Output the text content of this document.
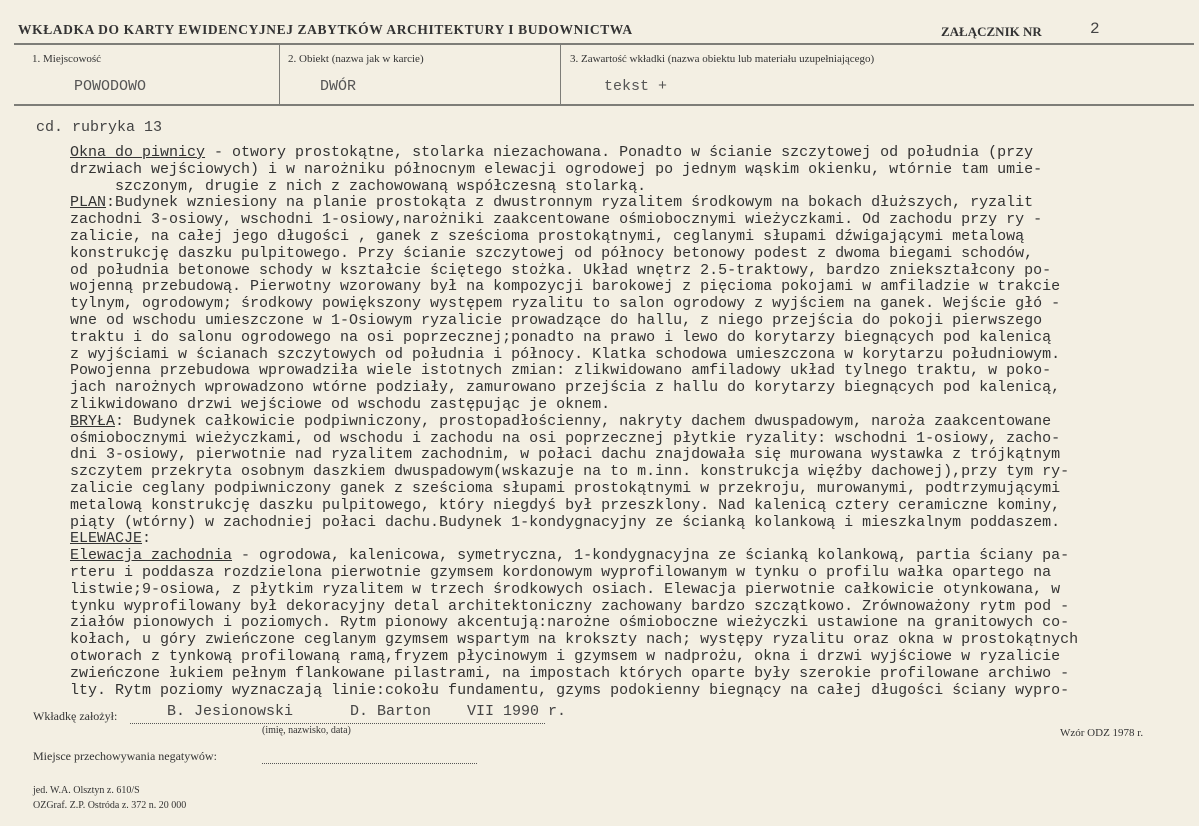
WKŁADKA DO KARTY EWIDENCYJNEJ ZABYTKÓW ARCHITEKTURY I BUDOWNICTWA	ZAŁĄCZNIK NR	2
1. Miejscowość
POWODOWO
2. Obiekt (nazwa jak w karcie)
DWÓR
3. Zawartość wkładki (nazwa obiektu lub materiału uzupełniającego)
tekst +
cd. rubryka 13
Okna do piwnicy - otwory prostokątne, stolarka niezachowana. Ponadto w ścianie szczytowej od południa (przy
drzwiach wejściowych) i w narożniku północnym elewacji ogrodowej po jednym wąskim okienku, wtórnie tam umie-
szczonym, drugie z nich z zachowowaną współczesną stolarką.
PLAN:Budynek wzniesiony na planie prostokąta z dwustronnym ryzalitem środkowym na bokach dłuższych, ryzalit
zachodni 3-osiowy, wschodni 1-osiowy,narożniki zaakcentowane ośmiobocznymi wieżyczkami. Od zachodu przy ry -
zalicie, na całej jego długości , ganek z sześcioma prostokątnymi, ceglanymi słupami dźwigającymi metalową
konstrukcję daszku pulpitowego. Przy ścianie szczytowej od północy betonowy podest z dwoma biegami schodów,
od południa betonowe schody w kształcie ściętego stożka. Układ wnętrz 2.5-traktowy, bardzo zniekształcony po-
wojenną przebudową. Pierwotny wzorowany był na kompozycji barokowej z pięcioma pokojami w amfiladzie w trakcie
tylnym, ogrodowym; środkowy powiększony występem ryzalitu to salon ogrodowy z wyjściem na ganek. Wejście głó -
wne od wschodu umieszczone w 1-Osiowym ryzalicie prowadzące do hallu, z niego przejścia do pokoji pierwszego
traktu i do salonu ogrodowego na osi poprzecznej;ponadto na prawo i lewo do korytarzy biegnących pod kalenicą
z wyjściami w ścianach szczytowych od południa i północy. Klatka schodowa umieszczona w korytarzu południowym.
Powojenna przebudowa wprowadziła wiele istotnych zmian: zlikwidowano amfiladowy układ tylnego traktu, w poko-
jach narożnych wprowadzono wtórne podziały, zamurowano przejścia z hallu do korytarzy biegnących pod kalenicą,
zlikwidowano drzwi wejściowe od wschodu zastępując je oknem.
BRYŁA: Budynek całkowicie podpiwniczony, prostopadłościenny, nakryty dachem dwuspadowym, naroża zaakcentowane
ośmiobocznymi wieżyczkami, od wschodu i zachodu na osi poprzecznej płytkie ryzality: wschodni 1-osiowy, zacho-
dni 3-osiowy, pierwotnie nad ryzalitem zachodnim, w połaci dachu znajdowała się murowana wystawka z trójkątnym
szczytem przekryta osobnym daszkiem dwuspadowym(wskazuje na to m.inn. konstrukcja więźby dachowej),przy tym ry-
zalicie ceglany podpiwniczony ganek z sześcioma słupami prostokątnymi w przekroju, murowanymi, podtrzymującymi
metalową konstrukcję daszku pulpitowego, który niegdyś był przeszklony. Nad kalenicą cztery ceramiczne kominy,
piąty (wtórny) w zachodniej połaci dachu.Budynek 1-kondygnacyjny ze ścianką kolankową i mieszkalnym poddaszem.
ELEWACJE:
Elewacja zachodnia - ogrodowa, kalenicowa, symetryczna, 1-kondygnacyjna ze ścianką kolankową, partia ściany pa-
rteru i poddasza rozdzielona pierwotnie gzymsem kordonowym wyprofilowanym w tynku o profilu wałka opartego na
listwie;9-osiowa, z płytkim ryzalitem w trzech środkowych osiach. Elewacja pierwotnie całkowicie otynkowana, w
tynku wyprofilowany był dekoracyjny detal architektoniczny zachowany bardzo szczątkowo. Zrównoważony rytm pod -
ziałów pionowych i poziomych. Rytm pionowy akcentują:narożne ośmioboczne wieżyczki ustawione na granitowych co-
kołach, u góry zwieńczone ceglanym gzymsem wspartym na krokszty nach; występy ryzalitu oraz okna w prostokątnych
otworach z tynkową profilowaną ramą,fryzem płycinowym i gzymsem w nadprożu, okna i drzwi wyjściowe w ryzalicie
zwieńczone łukiem pełnym flankowane pilastrami, na impostach których oparte były szerokie profilowane archiwo -
lty. Rytm poziomy wyznaczają linie:cokołu fundamentu, gzyms podokienny biegnący na całej długości ściany wypro-
Wkładkę założył:	B. Jesionowski	D. Barton VII 1990 r.
(imię, nazwisko, data)	Wzór ODZ 1978 r.
Miejsce przechowywania negatywów:
jed. W.A. Olsztyn z. 610/S
OZGraf. Z.P. Ostróda z. 372 n. 20 000
